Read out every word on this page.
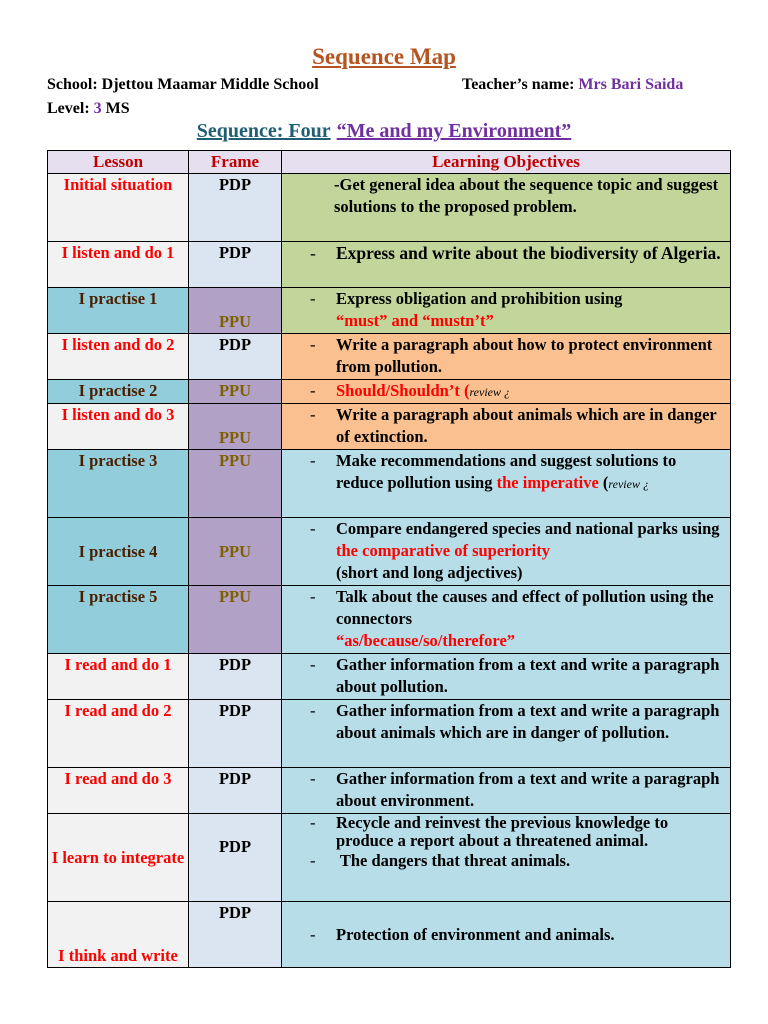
Sequence Map
School: Djettou Maamar Middle School	Teacher’s name: Mrs Bari Saida
Level: 3 MS
Sequence: Four “Me and my Environment”
Lesson	Frame	Learning Objectives
Initial situation	PDP	-Get general idea about the sequence topic and suggest solutions to the proposed problem.

I listen and do 1	PDP	- Express and write about the biodiversity of Algeria.

I practise 1	PPU	- Express obligation and prohibition using
“must” and “mustn’t”

I listen and do 2	PDP	- Write a paragraph about how to protect environment from pollution.

I practise 2	PPU	- Should/Shouldn’t (review ¿

I listen and do 3	PPU	- Write a paragraph about animals which are in danger of extinction.

I practise 3	PPU	- Make recommendations and suggest solutions to reduce pollution using the imperative (review ¿

I practise 4	PPU	- Compare endangered species and national parks using the comparative of superiority
(short and long adjectives)

I practise 5	PPU	- Talk about the causes and effect of pollution using the connectors
“as/because/so/therefore”

I read and do 1	PDP	- Gather information from a text and write a paragraph about pollution.

I read and do 2	PDP	- Gather information from a text and write a paragraph about animals which are in danger of pollution.

I read and do 3	PDP	- Gather information from a text and write a paragraph about environment.

I learn to integrate	PDP	- Recycle and reinvest the previous knowledge to produce a report about a threatened animal.
- The dangers that threat animals.

I think and write	PDP	- Protection of environment and animals.
